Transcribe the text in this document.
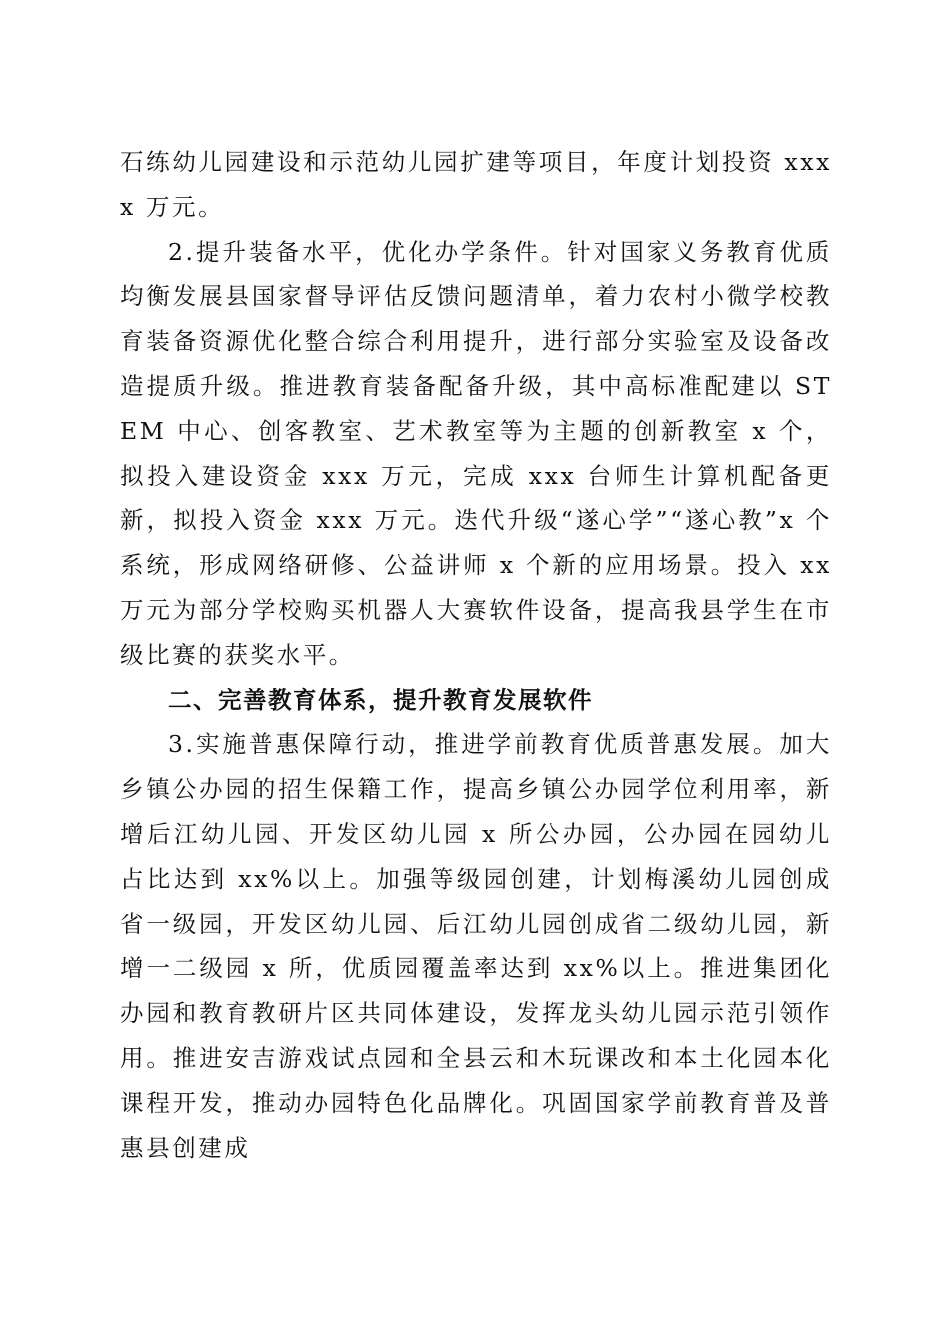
石练幼儿园建设和示范幼儿园扩建等项目，年度计划投资 xxxx 万元。

2.提升装备水平，优化办学条件。针对国家义务教育优质均衡发展县国家督导评估反馈问题清单，着力农村小微学校教育装备资源优化整合综合利用提升，进行部分实验室及设备改造提质升级。推进教育装备配备升级，其中高标准配建以 STEM 中心、创客教室、艺术教室等为主题的创新教室 x 个，拟投入建设资金 xxx 万元，完成 xxx 台师生计算机配备更新，拟投入资金 xxx 万元。迭代升级“遂心学”“遂心教”x 个系统，形成网络研修、公益讲师 x 个新的应用场景。投入 xx 万元为部分学校购买机器人大赛软件设备，提高我县学生在市级比赛的获奖水平。

二、完善教育体系，提升教育发展软件

3.实施普惠保障行动，推进学前教育优质普惠发展。加大乡镇公办园的招生保籍工作，提高乡镇公办园学位利用率，新增后江幼儿园、开发区幼儿园 x 所公办园，公办园在园幼儿占比达到 xx%以上。加强等级园创建，计划梅溪幼儿园创成省一级园，开发区幼儿园、后江幼儿园创成省二级幼儿园，新增一二级园 x 所，优质园覆盖率达到 xx%以上。推进集团化办园和教育教研片区共同体建设，发挥龙头幼儿园示范引领作用。推进安吉游戏试点园和全县云和木玩课改和本土化园本化课程开发，推动办园特色化品牌化。巩固国家学前教育普及普惠县创建成
